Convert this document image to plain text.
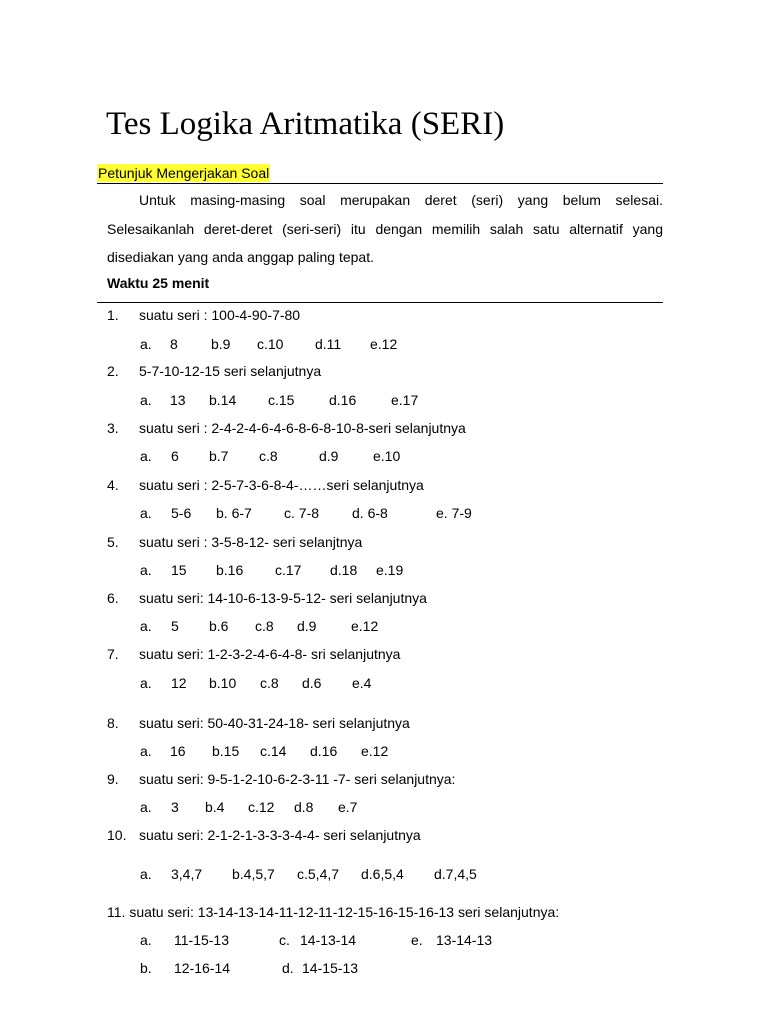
Tes Logika Aritmatika (SERI)
Petunjuk Mengerjakan Soal
Untuk masing-masing soal merupakan deret (seri) yang belum selesai. Selesaikanlah deret-deret (seri-seri) itu dengan memilih salah satu alternatif yang disediakan yang anda anggap paling tepat.
Waktu 25 menit
1. suatu seri : 100-4-90-7-80
a. 8 b.9 c.10 d.11 e.12
2. 5-7-10-12-15 seri selanjutnya
a. 13 b.14 c.15 d.16 e.17
3. suatu seri : 2-4-2-4-6-4-6-8-6-8-10-8-seri selanjutnya
a. 6 b.7 c.8	d.9 e.10
4. suatu seri : 2-5-7-3-6-8-4-……seri selanjutnya
a. 5-6 b. 6-7 c. 7-8 d. 6-8	e. 7-9
5. suatu seri : 3-5-8-12- seri selanjtnya
a. 15 b.16 c.17 d.18 e.19
6. suatu seri: 14-10-6-13-9-5-12- seri selanjutnya
a. 5 b.6 c.8 d.9 e.12
7. suatu seri: 1-2-3-2-4-6-4-8- sri selanjutnya
a. 12 b.10 c.8 d.6 e.4
8. suatu seri: 50-40-31-24-18- seri selanjutnya
a. 16 b.15 c.14 d.16 e.12
9. suatu seri: 9-5-1-2-10-6-2-3-11 -7- seri selanjutnya:
a. 3 b.4 c.12 d.8 e.7
10. suatu seri: 2-1-2-1-3-3-3-4-4- seri selanjutnya
a. 3,4,7 b.4,5,7 c.5,4,7 d.6,5,4 d.7,4,5
11. suatu seri: 13-14-13-14-11-12-11-12-15-16-15-16-13 seri selanjutnya:
a. 11-15-13	c. 14-13-14	e. 13-14-13
b. 12-16-14	d. 14-15-13
